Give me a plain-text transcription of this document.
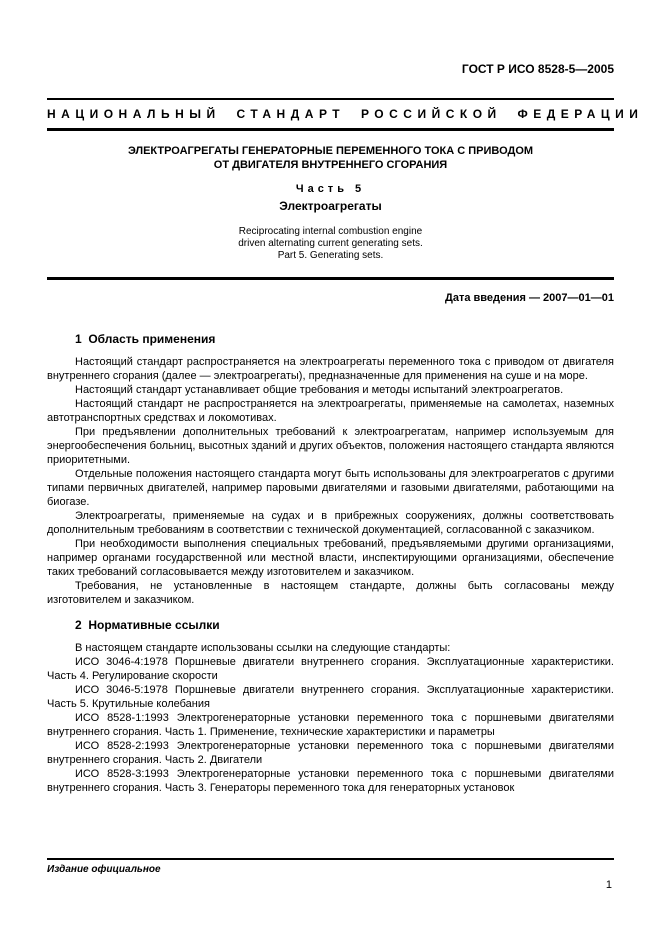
ГОСТ Р ИСО 8528-5—2005
НАЦИОНАЛЬНЫЙ СТАНДАРТ РОССИЙСКОЙ ФЕДЕРАЦИИ
ЭЛЕКТРОАГРЕГАТЫ ГЕНЕРАТОРНЫЕ ПЕРЕМЕННОГО ТОКА С ПРИВОДОМ
ОТ ДВИГАТЕЛЯ ВНУТРЕННЕГО СГОРАНИЯ
Часть 5
Электроагрегаты
Reciprocating internal combustion engine
driven alternating current generating sets.
Part 5. Generating sets.
Дата введения — 2007—01—01
1  Область применения

Настоящий стандарт распространяется на электроагрегаты переменного тока с приводом от двигателя внутреннего сгорания (далее — электроагрегаты), предназначенные для применения на суше и на море.

Настоящий стандарт устанавливает общие требования и методы испытаний электроагрегатов.

Настоящий стандарт не распространяется на электроагрегаты, применяемые на самолетах, наземных автотранспортных средствах и локомотивах.

При предъявлении дополнительных требований к электроагрегатам, например используемым для энергообеспечения больниц, высотных зданий и других объектов, положения настоящего стандарта являются приоритетными.

Отдельные положения настоящего стандарта могут быть использованы для электроагрегатов с другими типами первичных двигателей, например паровыми двигателями и газовыми двигателями, работающими на биогазе.

Электроагрегаты, применяемые на судах и в прибрежных сооружениях, должны соответствовать дополнительным требованиям в соответствии с технической документацией, согласованной с заказчиком.

При необходимости выполнения специальных требований, предъявляемыми другими организациями, например органами государственной или местной власти, инспектирующими организациями, обеспечение таких требований согласовывается между изготовителем и заказчиком.

Требования, не установленные в настоящем стандарте, должны быть согласованы между изготовителем и заказчиком.

2  Нормативные ссылки

В настоящем стандарте использованы ссылки на следующие стандарты:

ИСО 3046-4:1978 Поршневые двигатели внутреннего сгорания. Эксплуатационные характеристики. Часть 4. Регулирование скорости

ИСО 3046-5:1978 Поршневые двигатели внутреннего сгорания. Эксплуатационные характеристики. Часть 5. Крутильные колебания

ИСО 8528-1:1993 Электрогенераторные установки переменного тока с поршневыми двигателями внутреннего сгорания. Часть 1. Применение, технические характеристики и параметры

ИСО 8528-2:1993 Электрогенераторные установки переменного тока с поршневыми двигателями внутреннего сгорания. Часть 2. Двигатели

ИСО 8528-3:1993 Электрогенераторные установки переменного тока с поршневыми двигателями внутреннего сгорания. Часть 3. Генераторы переменного тока для генераторных установок

Издание официальное
1
